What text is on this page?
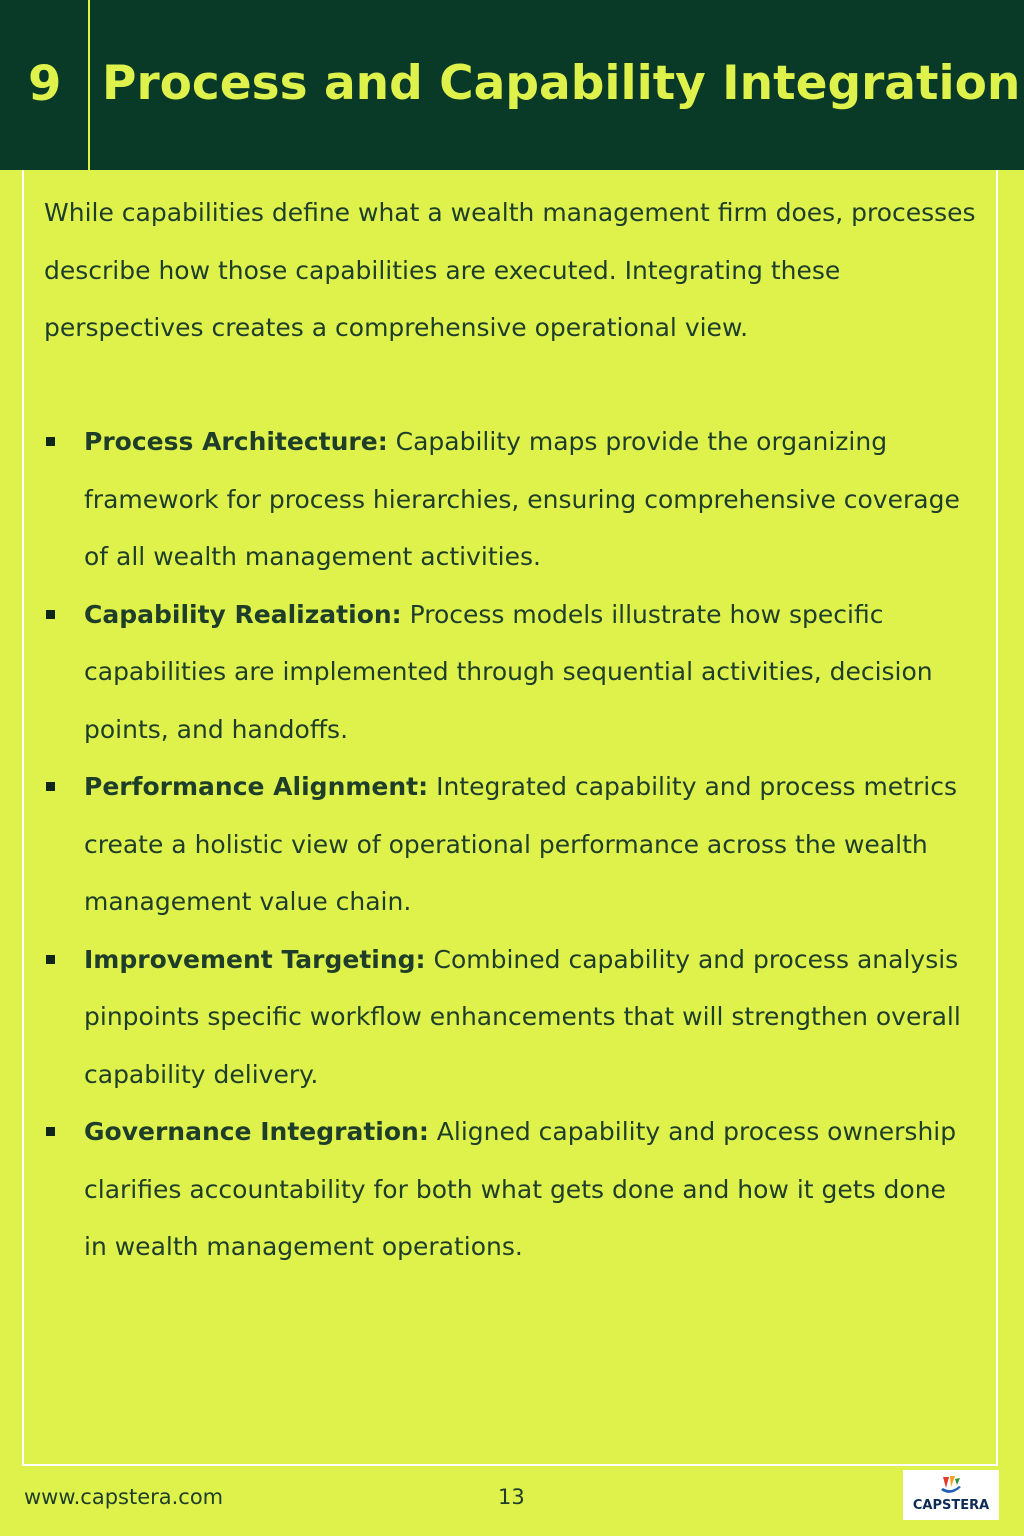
9 Process and Capability Integration

While capabilities define what a wealth management firm does, processes describe how those capabilities are executed. Integrating these perspectives creates a comprehensive operational view.

Process Architecture: Capability maps provide the organizing framework for process hierarchies, ensuring comprehensive coverage of all wealth management activities.
Capability Realization: Process models illustrate how specific capabilities are implemented through sequential activities, decision points, and handoffs.
Performance Alignment: Integrated capability and process metrics create a holistic view of operational performance across the wealth management value chain.
Improvement Targeting: Combined capability and process analysis pinpoints specific workflow enhancements that will strengthen overall capability delivery.
Governance Integration: Aligned capability and process ownership clarifies accountability for both what gets done and how it gets done in wealth management operations.
www.capstera.com	13	CAPSTERA
